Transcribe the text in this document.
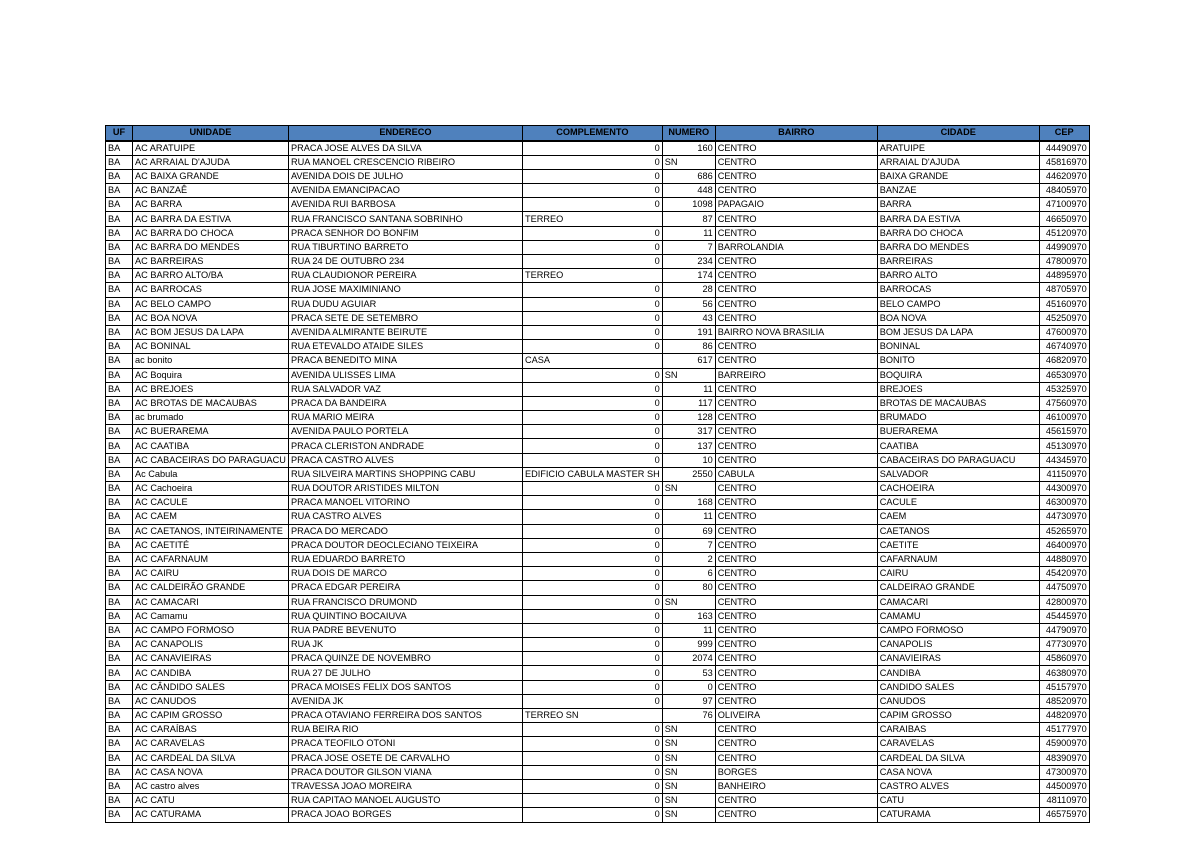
UF	UNIDADE	ENDERECO	COMPLEMENTO	NUMERO	BAIRRO	CIDADE	CEP
BA	AC ARATUIPE	PRACA JOSE ALVES DA SILVA	0	160	CENTRO	ARATUIPE	44490970
BA	AC ARRAIAL D'AJUDA	RUA MANOEL CRESCENCIO RIBEIRO	0	SN	CENTRO	ARRAIAL D'AJUDA	45816970
BA	AC BAIXA GRANDE	AVENIDA DOIS DE JULHO	0	686	CENTRO	BAIXA GRANDE	44620970
BA	AC BANZAÊ	AVENIDA EMANCIPACAO	0	448	CENTRO	BANZAE	48405970
BA	AC BARRA	AVENIDA RUI BARBOSA	0	1098	PAPAGAIO	BARRA	47100970
BA	AC BARRA DA ESTIVA	RUA FRANCISCO SANTANA SOBRINHO	TERREO	87	CENTRO	BARRA DA ESTIVA	46650970
BA	AC BARRA DO CHOCA	PRACA SENHOR DO BONFIM	0	11	CENTRO	BARRA DO CHOCA	45120970
BA	AC BARRA DO MENDES	RUA TIBURTINO BARRETO	0	7	BARROLANDIA	BARRA DO MENDES	44990970
BA	AC BARREIRAS	RUA 24 DE OUTUBRO 234	0	234	CENTRO	BARREIRAS	47800970
BA	AC BARRO ALTO/BA	RUA CLAUDIONOR PEREIRA	TERREO	174	CENTRO	BARRO ALTO	44895970
BA	AC BARROCAS	RUA JOSE MAXIMINIANO	0	28	CENTRO	BARROCAS	48705970
BA	AC BELO CAMPO	RUA DUDU AGUIAR	0	56	CENTRO	BELO CAMPO	45160970
BA	AC BOA NOVA	PRACA SETE DE SETEMBRO	0	43	CENTRO	BOA NOVA	45250970
BA	AC BOM JESUS DA LAPA	AVENIDA ALMIRANTE BEIRUTE	0	191	BAIRRO NOVA BRASILIA	BOM JESUS DA LAPA	47600970
BA	AC BONINAL	RUA ETEVALDO ATAIDE SILES	0	86	CENTRO	BONINAL	46740970
BA	ac bonito	PRACA BENEDITO MINA	CASA	617	CENTRO	BONITO	46820970
BA	AC Boquira	AVENIDA ULISSES LIMA	0	SN	BARREIRO	BOQUIRA	46530970
BA	AC BREJOES	RUA SALVADOR VAZ	0	11	CENTRO	BREJOES	45325970
BA	AC BROTAS DE MACAUBAS	PRACA DA BANDEIRA	0	117	CENTRO	BROTAS DE MACAUBAS	47560970
BA	ac brumado	RUA MARIO MEIRA	0	128	CENTRO	BRUMADO	46100970
BA	AC BUERAREMA	AVENIDA PAULO PORTELA	0	317	CENTRO	BUERAREMA	45615970
BA	AC CAATIBA	PRACA CLERISTON ANDRADE	0	137	CENTRO	CAATIBA	45130970
BA	AC CABACEIRAS DO PARAGUACU	PRACA CASTRO ALVES	0	10	CENTRO	CABACEIRAS DO PARAGUACU	44345970
BA	Ac Cabula	RUA SILVEIRA MARTINS SHOPPING CABU	EDIFICIO CABULA MASTER SH	2550	CABULA	SALVADOR	41150970
BA	AC Cachoeira	RUA DOUTOR ARISTIDES MILTON	0	SN	CENTRO	CACHOEIRA	44300970
BA	AC CACULE	PRACA MANOEL VITORINO	0	168	CENTRO	CACULE	46300970
BA	AC CAEM	RUA CASTRO ALVES	0	11	CENTRO	CAEM	44730970
BA	AC CAETANOS, INTEIRINAMENTE	PRACA DO MERCADO	0	69	CENTRO	CAETANOS	45265970
BA	AC CAETITÉ	PRACA DOUTOR DEOCLECIANO TEIXEIRA	0	7	CENTRO	CAETITE	46400970
BA	AC CAFARNAUM	RUA EDUARDO BARRETO	0	2	CENTRO	CAFARNAUM	44880970
BA	AC CAIRU	RUA DOIS DE MARCO	0	6	CENTRO	CAIRU	45420970
BA	AC CALDEIRÃO GRANDE	PRACA EDGAR PEREIRA	0	80	CENTRO	CALDEIRAO GRANDE	44750970
BA	AC CAMACARI	RUA FRANCISCO DRUMOND	0	SN	CENTRO	CAMACARI	42800970
BA	AC Camamu	RUA QUINTINO BOCAIUVA	0	163	CENTRO	CAMAMU	45445970
BA	AC CAMPO FORMOSO	RUA PADRE BEVENUTO	0	11	CENTRO	CAMPO FORMOSO	44790970
BA	AC CANAPOLIS	RUA JK	0	999	CENTRO	CANAPOLIS	47730970
BA	AC CANAVIEIRAS	PRACA QUINZE DE NOVEMBRO	0	2074	CENTRO	CANAVIEIRAS	45860970
BA	AC CANDIBA	RUA 27 DE JULHO	0	53	CENTRO	CANDIBA	46380970
BA	AC CÂNDIDO SALES	PRACA MOISES FELIX DOS SANTOS	0	0	CENTRO	CANDIDO SALES	45157970
BA	AC CANUDOS	AVENIDA JK	0	97	CENTRO	CANUDOS	48520970
BA	AC CAPIM GROSSO	PRACA OTAVIANO FERREIRA DOS SANTOS	TERREO SN	76	OLIVEIRA	CAPIM GROSSO	44820970
BA	AC CARAÍBAS	RUA BEIRA RIO	0	SN	CENTRO	CARAIBAS	45177970
BA	AC CARAVELAS	PRACA TEOFILO OTONI	0	SN	CENTRO	CARAVELAS	45900970
BA	AC CARDEAL DA SILVA	PRACA JOSE OSETE DE CARVALHO	0	SN	CENTRO	CARDEAL DA SILVA	48390970
BA	AC CASA NOVA	PRACA DOUTOR GILSON VIANA	0	SN	BORGES	CASA NOVA	47300970
BA	AC castro alves	TRAVESSA JOAO MOREIRA	0	SN	BANHEIRO	CASTRO ALVES	44500970
BA	AC CATU	RUA CAPITAO MANOEL AUGUSTO	0	SN	CENTRO	CATU	48110970
BA	AC CATURAMA	PRACA JOAO BORGES	0	SN	CENTRO	CATURAMA	46575970
